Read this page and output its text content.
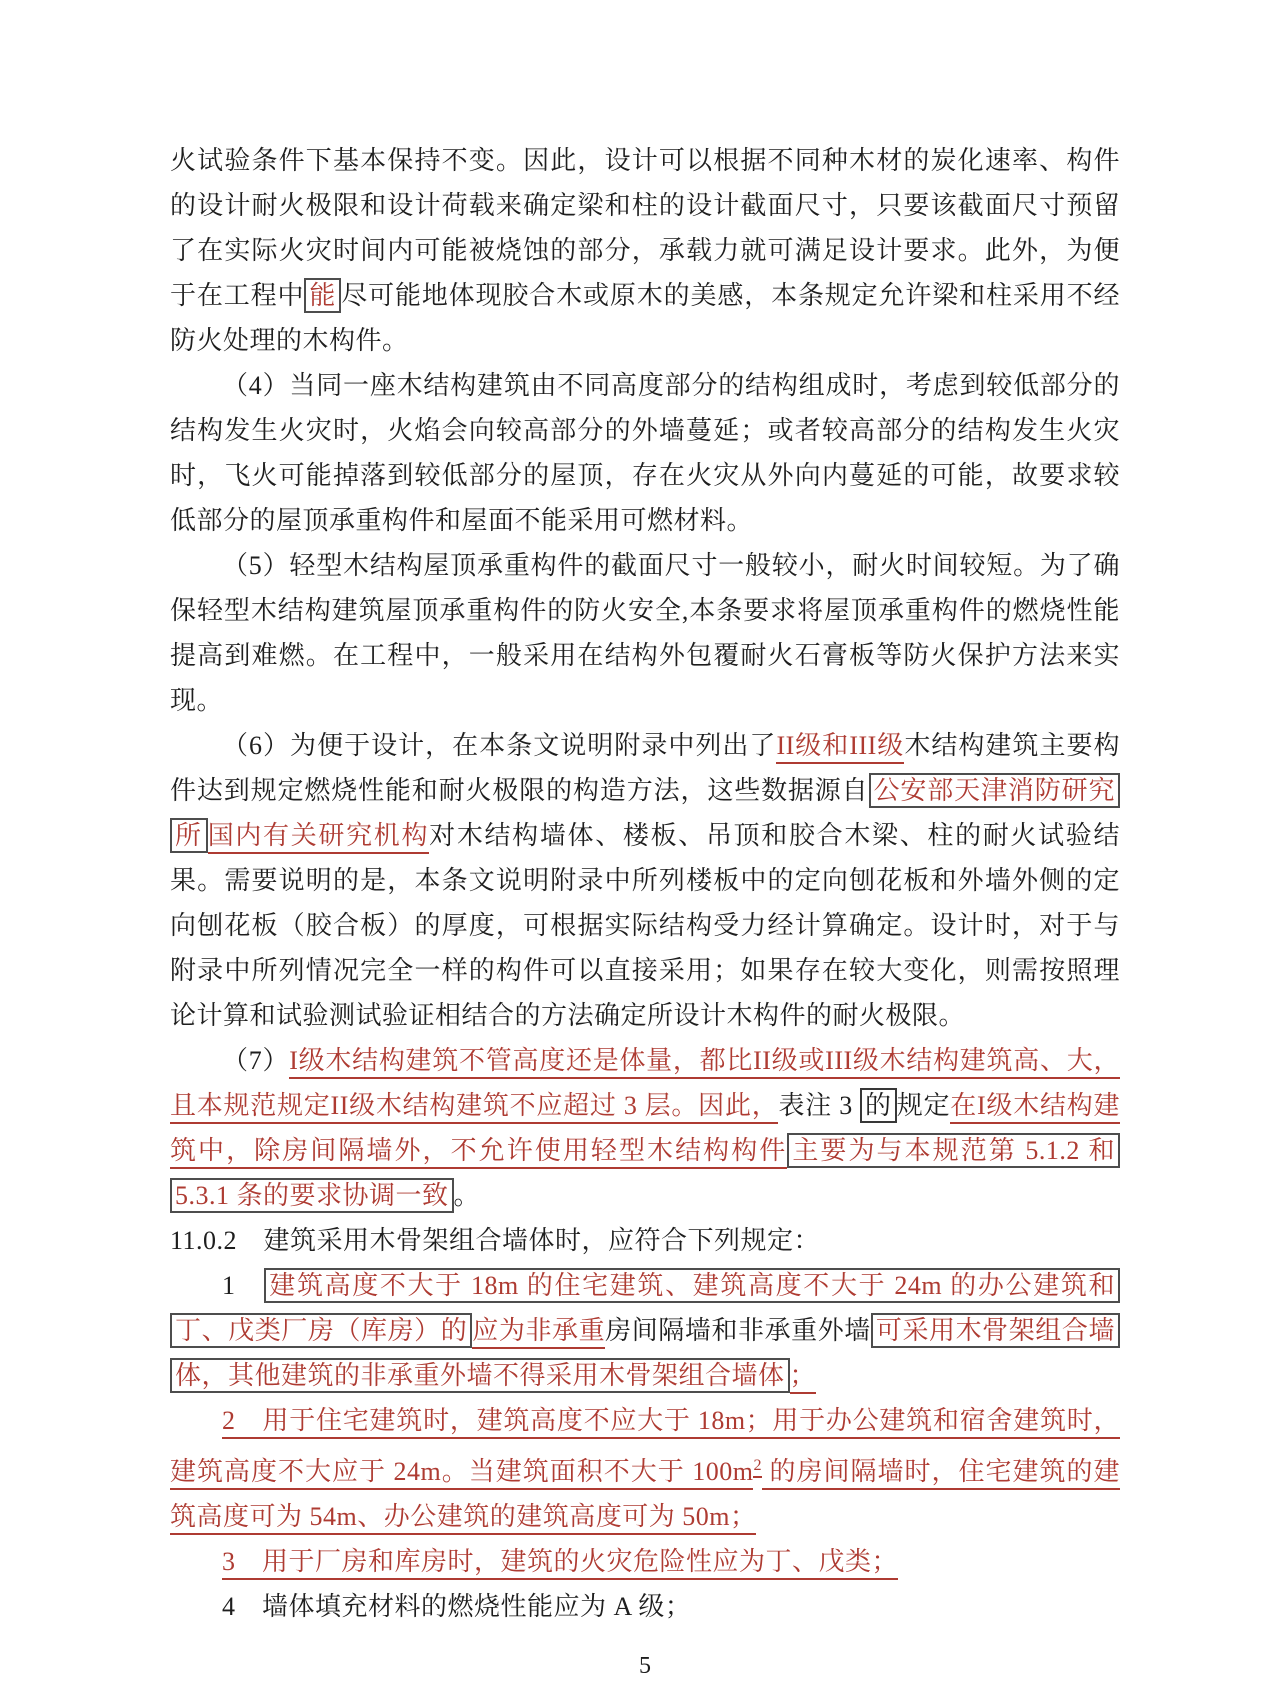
火试验条件下基本保持不变。因此，设计可以根据不同种木材的炭化速率、构件的设计耐火极限和设计荷载来确定梁和柱的设计截面尺寸，只要该截面尺寸预留了在实际火灾时间内可能被烧蚀的部分，承载力就可满足设计要求。此外，为便于在工程中 能 尽可能地体现胶合木或原木的美感，本条规定允许梁和柱采用不经防火处理的木构件。

（4）当同一座木结构建筑由不同高度部分的结构组成时，考虑到较低部分的结构发生火灾时，火焰会向较高部分的外墙蔓延；或者较高部分的结构发生火灾时，飞火可能掉落到较低部分的屋顶，存在火灾从外向内蔓延的可能，故要求较低部分的屋顶承重构件和屋面不能采用可燃材料。

（5）轻型木结构屋顶承重构件的截面尺寸一般较小，耐火时间较短。为了确保轻型木结构建筑屋顶承重构件的防火安全,本条要求将屋顶承重构件的燃烧性能提高到难燃。在工程中，一般采用在结构外包覆耐火石膏板等防火保护方法来实现。

（6）为便于设计，在本条文说明附录中列出了II级和III级木结构建筑主要构件达到规定燃烧性能和耐火极限的构造方法，这些数据源自 公安部天津消防研究所 国内有关研究机构对木结构墙体、楼板、吊顶和胶合木梁、柱的耐火试验结果。需要说明的是，本条文说明附录中所列楼板中的定向刨花板和外墙外侧的定向刨花板（胶合板）的厚度，可根据实际结构受力经计算确定。设计时，对于与附录中所列情况完全一样的构件可以直接采用；如果存在较大变化，则需按照理论计算和试验测试验证相结合的方法确定所设计木构件的耐火极限。

（7）I级木结构建筑不管高度还是体量，都比II级或III级木结构建筑高、大，且本规范规定II级木结构建筑不应超过 3 层。因此，表注 3 的 规定在I级木结构建筑中，除房间隔墙外，不允许使用轻型木结构构件 主要为与本规范第 5.1.2 和 5.3.1 条的要求协调一致 。

11.0.2　建筑采用木骨架组合墙体时，应符合下列规定：

1　建筑高度不大于 18m 的住宅建筑、建筑高度不大于 24m 的办公建筑和丁、戊类厂房（库房）的 应为非承重房间隔墙和非承重外墙 可采用木骨架组合墙体，其他建筑的非承重外墙不得采用木骨架组合墙体 ；

2　用于住宅建筑时，建筑高度不应大于 18m；用于办公建筑和宿舍建筑时，建筑高度不大应于 24m。当建筑面积不大于 $100m^2$ 的房间隔墙时，住宅建筑的建筑高度可为 54m、办公建筑的建筑高度可为 50m；

3　用于厂房和库房时，建筑的火灾危险性应为丁、戊类；

4　墙体填充材料的燃烧性能应为 A 级；

5
